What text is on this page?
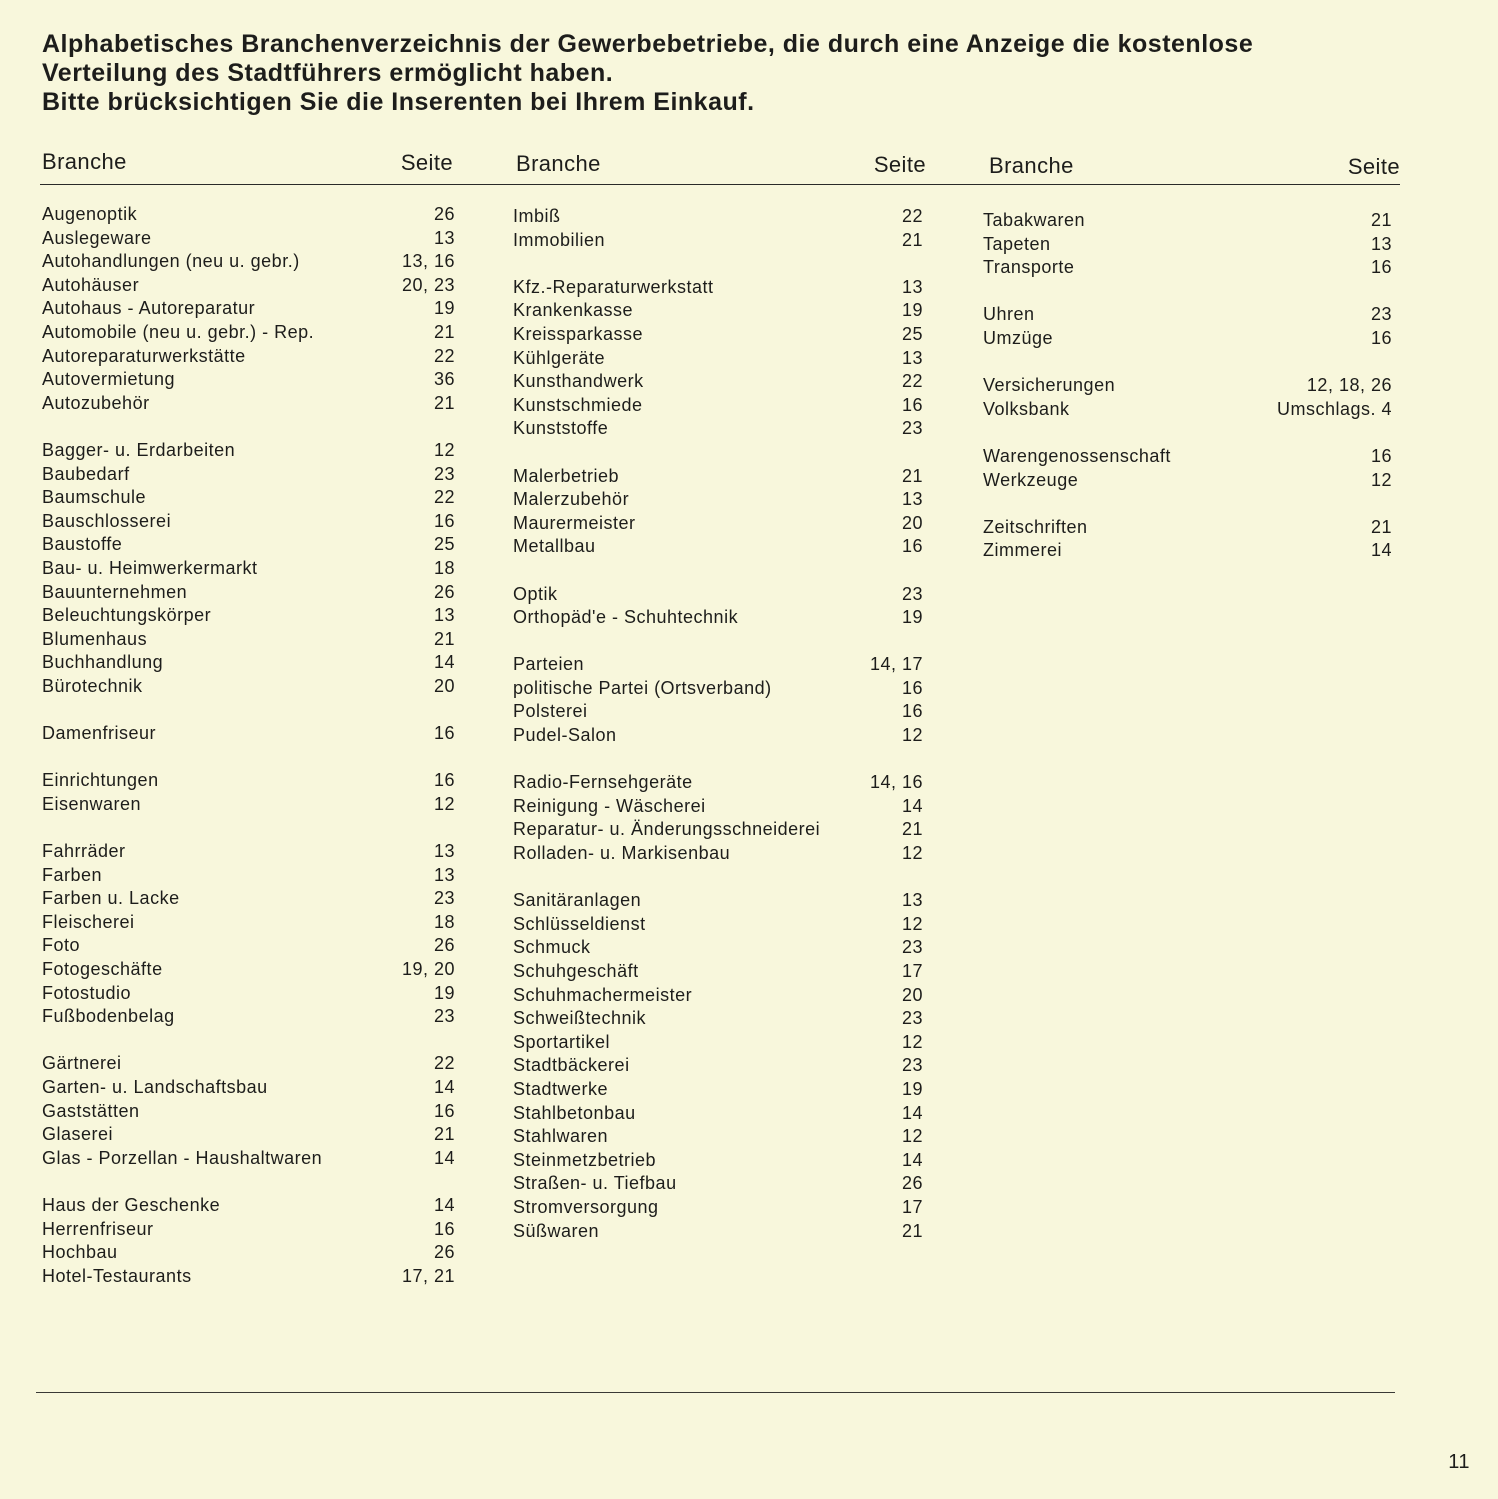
Alphabetisches Branchenverzeichnis der Gewerbebetriebe, die durch eine Anzeige die kostenlose
Verteilung des Stadtführers ermöglicht haben.
Bitte brücksichtigen Sie die Inserenten bei Ihrem Einkauf.
Branche	Seite	Branche	Seite	Branche	Seite
Augenoptik	26
Auslegeware	13
Autohandlungen (neu u. gebr.)	13, 16
Autohäuser	20, 23
Autohaus - Autoreparatur	19
Automobile (neu u. gebr.) - Rep.	21
Autoreparaturwerkstätte	22
Autovermietung	36
Autozubehör	21
Bagger- u. Erdarbeiten	12
Baubedarf	23
Baumschule	22
Bauschlosserei	16
Baustoffe	25
Bau- u. Heimwerkermarkt	18
Bauunternehmen	26
Beleuchtungskörper	13
Blumenhaus	21
Buchhandlung	14
Bürotechnik	20
Damenfriseur	16
Einrichtungen	16
Eisenwaren	12
Fahrräder	13
Farben	13
Farben u. Lacke	23
Fleischerei	18
Foto	26
Fotogeschäfte	19, 20
Fotostudio	19
Fußbodenbelag	23
Gärtnerei	22
Garten- u. Landschaftsbau	14
Gaststätten	16
Glaserei	21
Glas - Porzellan - Haushaltwaren	14
Haus der Geschenke	14
Herrenfriseur	16
Hochbau	26
Hotel-Testaurants	17, 21
Imbiß	22
Immobilien	21
Kfz.-Reparaturwerkstatt	13
Krankenkasse	19
Kreissparkasse	25
Kühlgeräte	13
Kunsthandwerk	22
Kunstschmiede	16
Kunststoffe	23
Malerbetrieb	21
Malerzubehör	13
Maurermeister	20
Metallbau	16
Optik	23
Orthopäd'e - Schuhtechnik	19
Parteien	14, 17
politische Partei (Ortsverband)	16
Polsterei	16
Pudel-Salon	12
Radio-Fernsehgeräte	14, 16
Reinigung - Wäscherei	14
Reparatur- u. Änderungsschneiderei	21
Rolladen- u. Markisenbau	12
Sanitäranlagen	13
Schlüsseldienst	12
Schmuck	23
Schuhgeschäft	17
Schuhmachermeister	20
Schweißtechnik	23
Sportartikel	12
Stadtbäckerei	23
Stadtwerke	19
Stahlbetonbau	14
Stahlwaren	12
Steinmetzbetrieb	14
Straßen- u. Tiefbau	26
Stromversorgung	17
Süßwaren	21
Tabakwaren	21
Tapeten	13
Transporte	16
Uhren	23
Umzüge	16
Versicherungen	12, 18, 26
Volksbank	Umschlags. 4
Warengenossenschaft	16
Werkzeuge	12
Zeitschriften	21
Zimmerei	14
11
